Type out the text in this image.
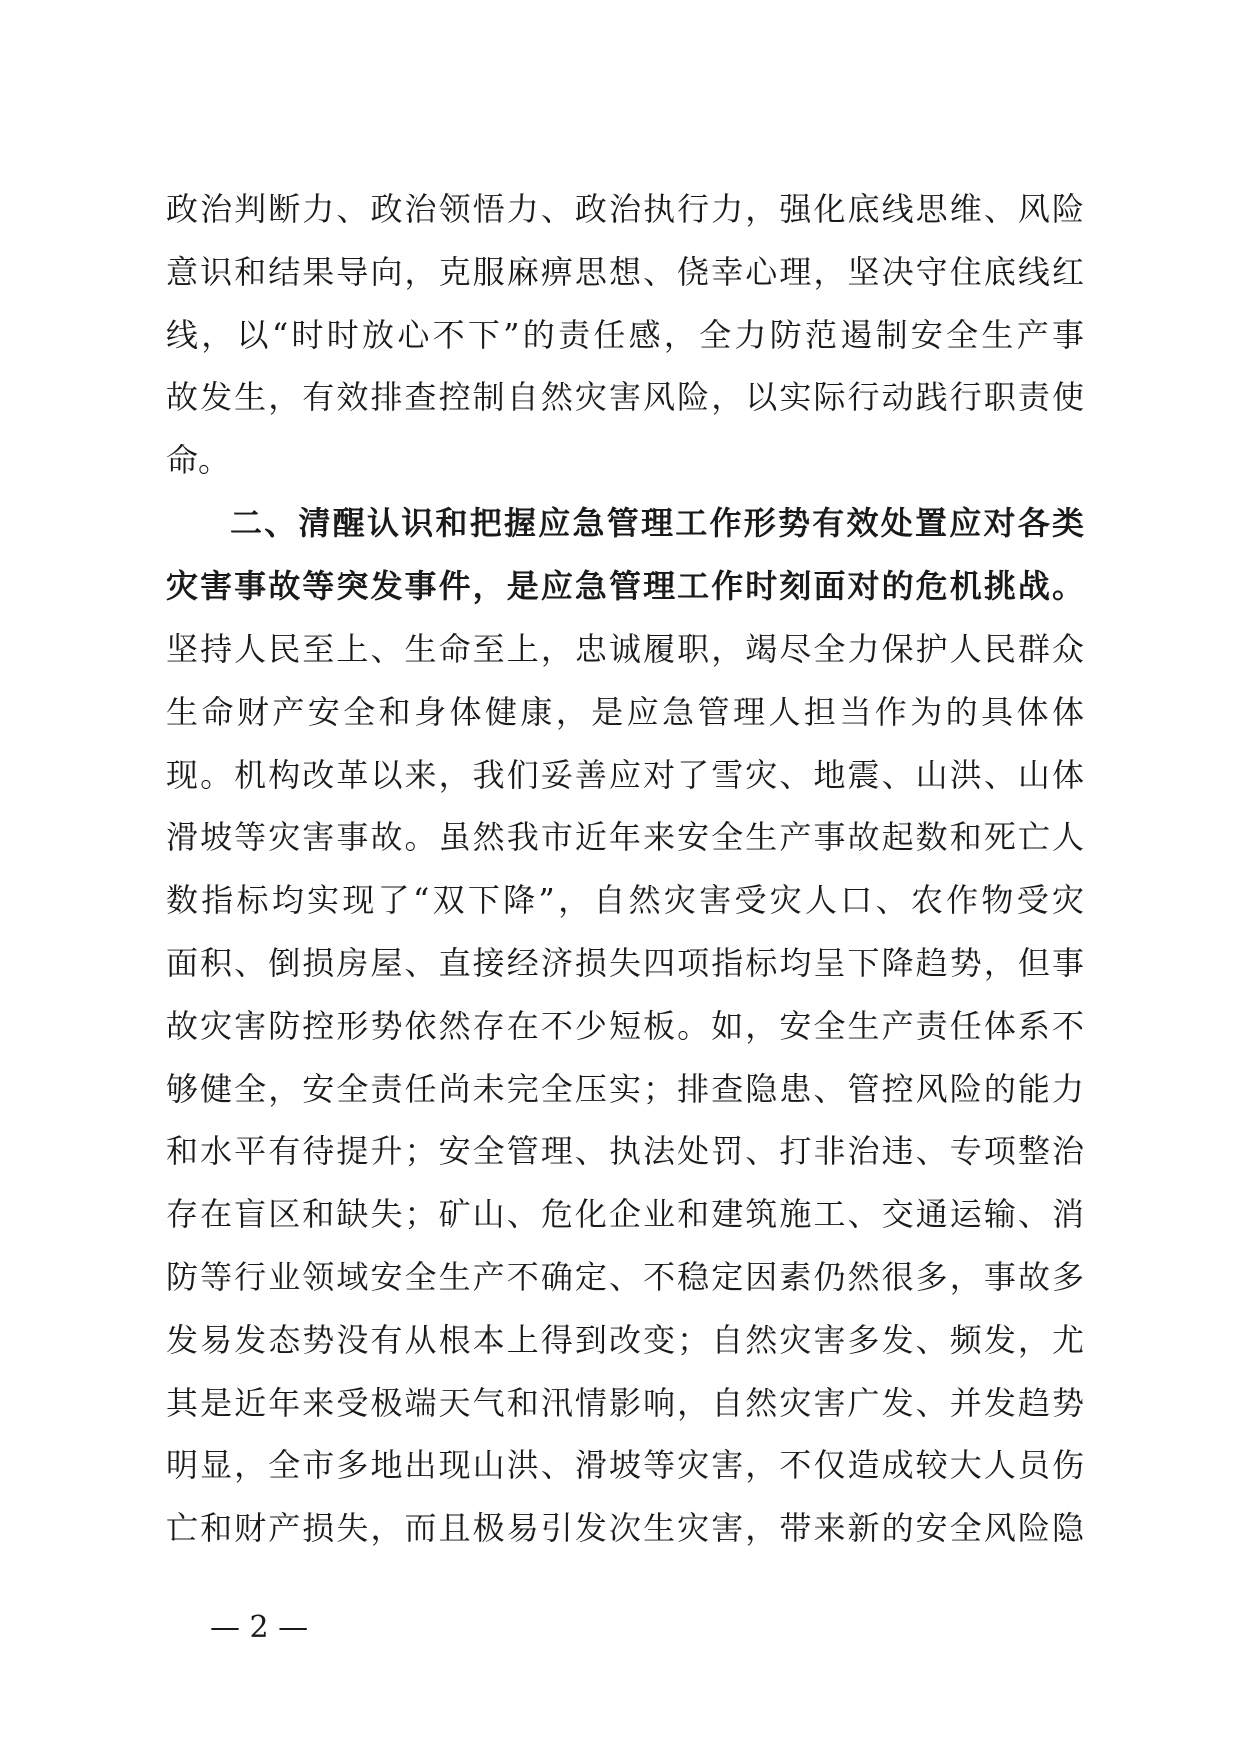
政治判断力、政治领悟力、政治执行力，强化底线思维、风险
意识和结果导向，克服麻痹思想、侥幸心理，坚决守住底线红
线，以“时时放心不下”的责任感，全力防范遏制安全生产事
故发生，有效排查控制自然灾害风险，以实际行动践行职责使
命。
二、清醒认识和把握应急管理工作形势有效处置应对各类
灾害事故等突发事件，是应急管理工作时刻面对的危机挑战。
坚持人民至上、生命至上，忠诚履职，竭尽全力保护人民群众
生命财产安全和身体健康，是应急管理人担当作为的具体体
现。机构改革以来，我们妥善应对了雪灾、地震、山洪、山体
滑坡等灾害事故。虽然我市近年来安全生产事故起数和死亡人
数指标均实现了“双下降”，自然灾害受灾人口、农作物受灾
面积、倒损房屋、直接经济损失四项指标均呈下降趋势，但事
故灾害防控形势依然存在不少短板。如，安全生产责任体系不
够健全，安全责任尚未完全压实；排查隐患、管控风险的能力
和水平有待提升；安全管理、执法处罚、打非治违、专项整治
存在盲区和缺失；矿山、危化企业和建筑施工、交通运输、消
防等行业领域安全生产不确定、不稳定因素仍然很多，事故多
发易发态势没有从根本上得到改变；自然灾害多发、频发，尤
其是近年来受极端天气和汛情影响，自然灾害广发、并发趋势
明显，全市多地出现山洪、滑坡等灾害，不仅造成较大人员伤
亡和财产损失，而且极易引发次生灾害，带来新的安全风险隐
— 2 —
